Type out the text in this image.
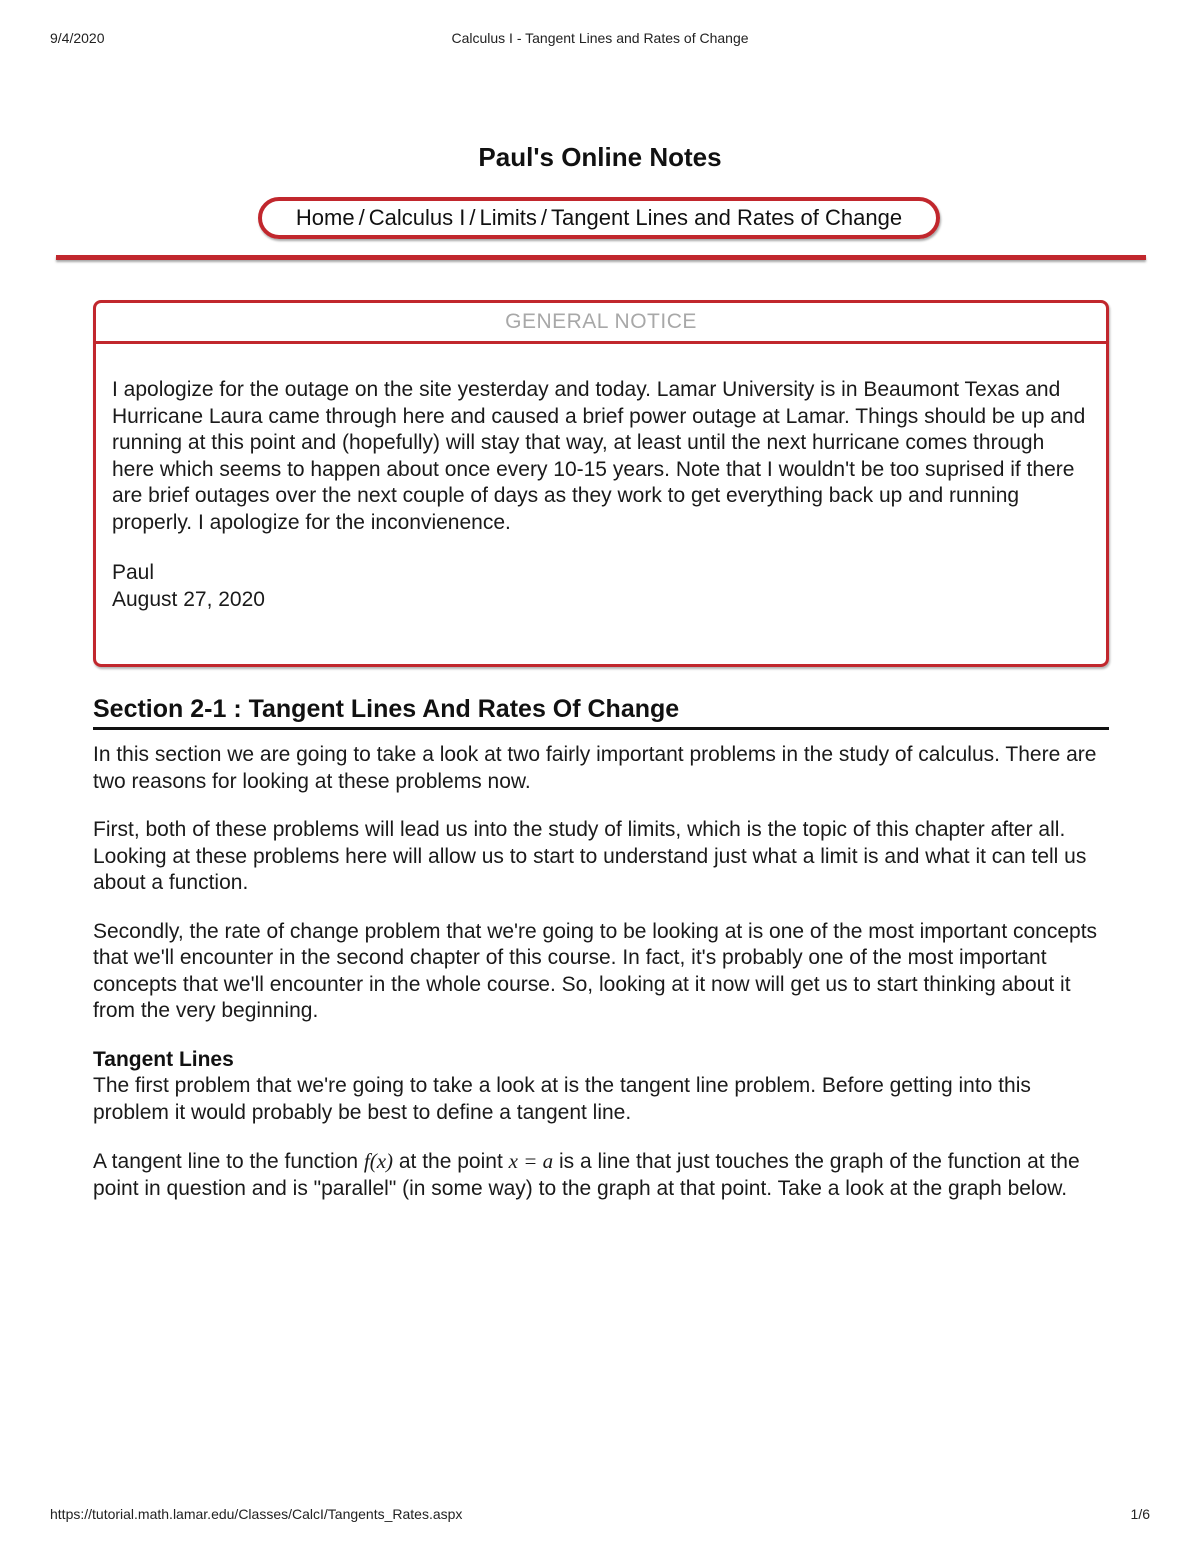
9/4/2020	Calculus I - Tangent Lines and Rates of Change
Paul's Online Notes
Home / Calculus I / Limits / Tangent Lines and Rates of Change
GENERAL NOTICE

I apologize for the outage on the site yesterday and today. Lamar University is in Beaumont Texas and Hurricane Laura came through here and caused a brief power outage at Lamar. Things should be up and running at this point and (hopefully) will stay that way, at least until the next hurricane comes through here which seems to happen about once every 10-15 years. Note that I wouldn't be too suprised if there are brief outages over the next couple of days as they work to get everything back up and running properly. I apologize for the inconvienence.

Paul

August 27, 2020

Section 2-1 : Tangent Lines And Rates Of Change

In this section we are going to take a look at two fairly important problems in the study of calculus. There are two reasons for looking at these problems now.

First, both of these problems will lead us into the study of limits, which is the topic of this chapter after all. Looking at these problems here will allow us to start to understand just what a limit is and what it can tell us about a function.

Secondly, the rate of change problem that we're going to be looking at is one of the most important concepts that we'll encounter in the second chapter of this course. In fact, it's probably one of the most important concepts that we'll encounter in the whole course. So, looking at it now will get us to start thinking about it from the very beginning.

Tangent Lines

The first problem that we're going to take a look at is the tangent line problem. Before getting into this problem it would probably be best to define a tangent line.

A tangent line to the function f(x) at the point x = a is a line that just touches the graph of the function at the point in question and is "parallel" (in some way) to the graph at that point. Take a look at the graph below.

https://tutorial.math.lamar.edu/Classes/CalcI/Tangents_Rates.aspx	1/6
